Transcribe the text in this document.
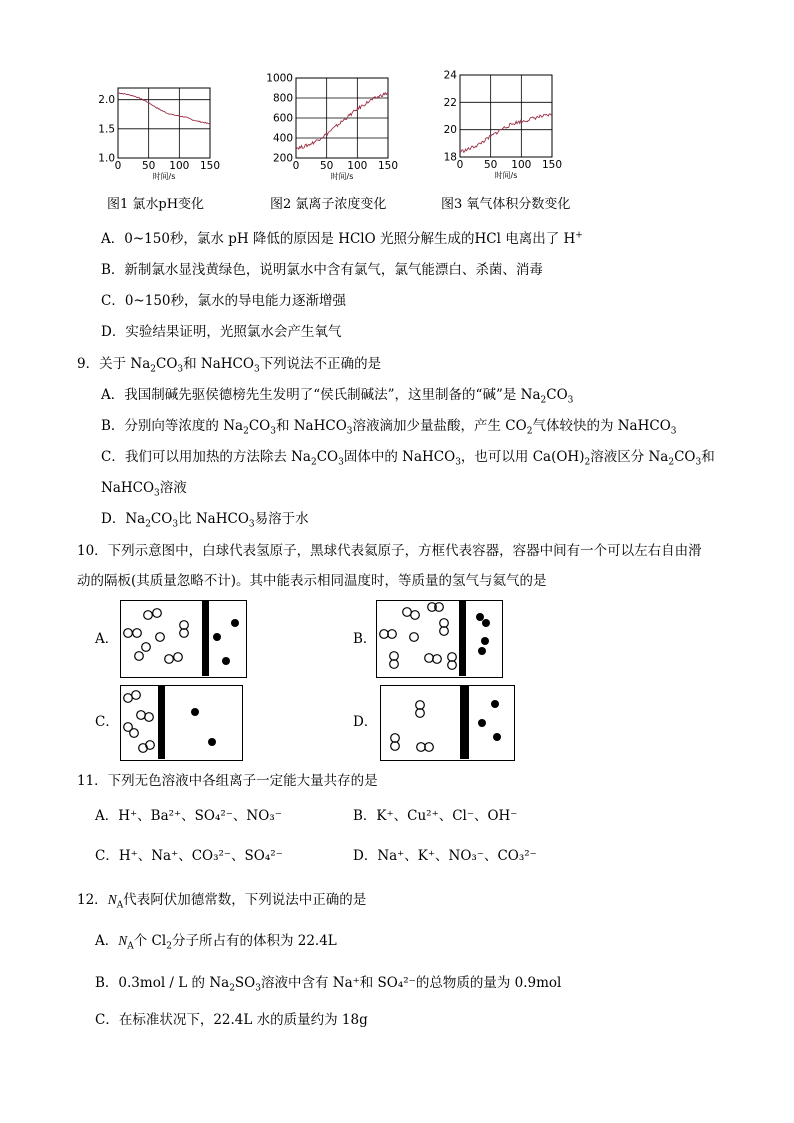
0 50 100 150
1.0
1.5
2.0
时间/s
0 50 100 150
200
400
600
800
1000
时间/s
0 50 100 150
18
20
22
24
时间/s
图1 氯水pH变化	图2 氯离子浓度变化	图3 氧气体积分数变化
A．0~150秒，氯水 pH 降低的原因是 HClO 光照分解生成的HCl 电离出了 H+
B．新制氯水显浅黄绿色，说明氯水中含有氯气，氯气能漂白、杀菌、消毒
C．0~150秒，氯水的导电能力逐渐增强
D．实验结果证明，光照氯水会产生氧气
9．关于 $Na_2CO_3$和 NaHCO$_3$下列说法不正确的是
A．我国制碱先驱侯德榜先生发明了“侯氏制碱法”，这里制备的“碱”是 $Na_2CO_3$
B．分别向等浓度的 $Na_2CO_3$和 NaHCO$_3$溶液滴加少量盐酸，产生 $CO_2$气体较快的为 NaHCO$_3$
C．我们可以用加热的方法除去 $Na_2CO_3$固体中的 NaHCO$_3$，也可以用 $Ca(OH)_2$溶液区分 $Na_2CO_3$和
NaHCO$_3$溶液
D．$Na_2CO_3$比 NaHCO$_3$易溶于水
10．下列示意图中，白球代表氢原子，黑球代表氦原子，方框代表容器，容器中间有一个可以左右自由滑
动的隔板(其质量忽略不计)。其中能表示相同温度时，等质量的氢气与氦气的是
A．	B．
C．	D．
11．下列无色溶液中各组离子一定能大量共存的是
A．H⁺、Ba²⁺、SO₄²⁻、NO₃⁻	B．K⁺、Cu²⁺、Cl⁻、OH⁻
C．H⁺、Na⁺、CO₃²⁻、SO₄²⁻	D．Na⁺、K⁺、NO₃⁻、CO₃²⁻
12．$N_A$代表阿伏加德常数，下列说法中正确的是
A．$N_A$个 $Cl_2$分子所占有的体积为 22.4L
B．0.3mol / L 的 $Na_2SO_3$溶液中含有 Na⁺和 SO₄²⁻的总物质的量为 0.9mol
C．在标准状况下，22.4L 水的质量约为 18g
